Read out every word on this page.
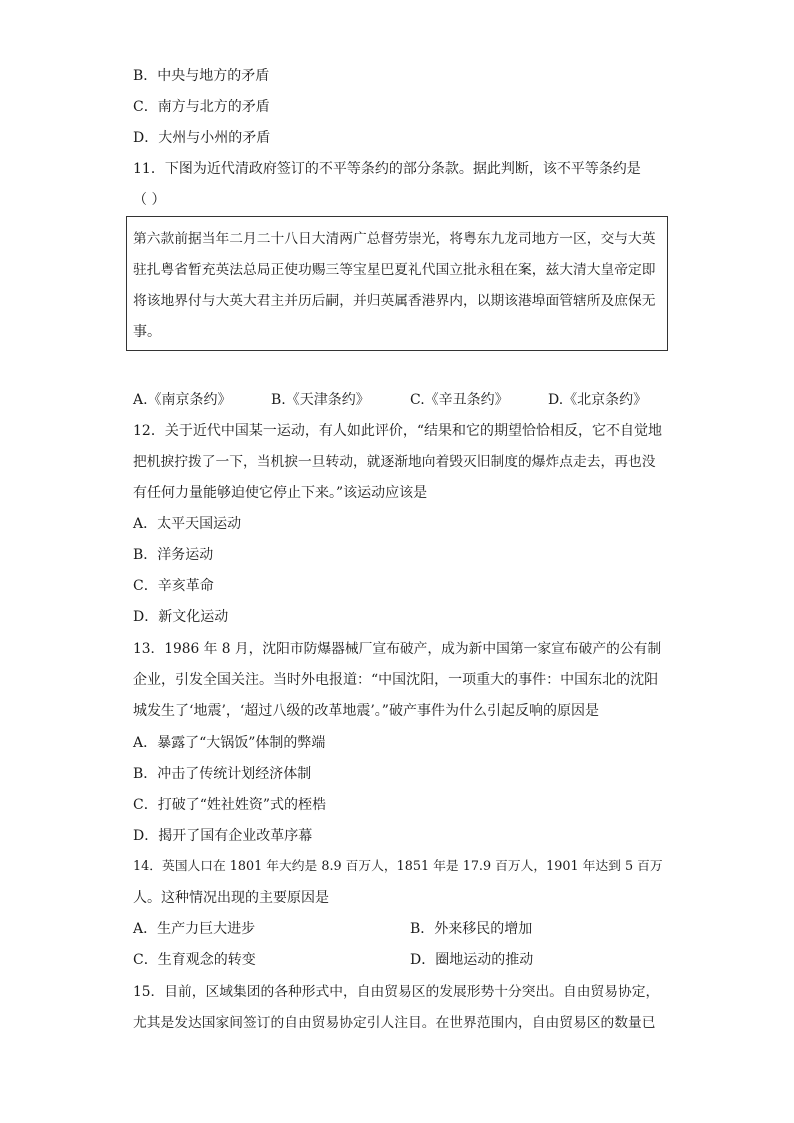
B．中央与地方的矛盾
C．南方与北方的矛盾
D．大州与小州的矛盾
11．下图为近代清政府签订的不平等条约的部分条款。据此判断，该不平等条约是
（ ）
第六款前据当年二月二十八日大清两广总督劳崇光，将粤东九龙司地方一区，交与大英
驻扎粤省暂充英法总局正使功赐三等宝星巴夏礼代国立批永租在案，兹大清大皇帝定即
将该地界付与大英大君主并历后嗣，并归英属香港界内，以期该港埠面管辖所及庶保无
事。
A.《南京条约》	B.《天津条约》	C.《辛丑条约》	D.《北京条约》
12．关于近代中国某一运动，有人如此评价，“结果和它的期望恰恰相反，它不自觉地
把机捩拧拨了一下，当机捩一旦转动，就逐渐地向着毁灭旧制度的爆炸点走去，再也没
有任何力量能够迫使它停止下来。”该运动应该是
A．太平天国运动
B．洋务运动
C．辛亥革命
D．新文化运动
13．1986 年 8 月，沈阳市防爆器械厂宣布破产，成为新中国第一家宣布破产的公有制
企业，引发全国关注。当时外电报道：“中国沈阳，一项重大的事件：中国东北的沈阳
城发生了‘地震’，‘超过八级的改革地震’。”破产事件为什么引起反响的原因是
A．暴露了“大锅饭”体制的弊端
B．冲击了传统计划经济体制
C．打破了“姓社姓资”式的桎梏
D．揭开了国有企业改革序幕
14．英国人口在 1801 年大约是 8.9 百万人，1851 年是 17.9 百万人，1901 年达到 5 百万
人。这种情况出现的主要原因是
A．生产力巨大进步	B．外来移民的增加
C．生育观念的转变	D．圈地运动的推动
15．目前，区域集团的各种形式中，自由贸易区的发展形势十分突出。自由贸易协定，
尤其是发达国家间签订的自由贸易协定引人注目。在世界范围内，自由贸易区的数量已
